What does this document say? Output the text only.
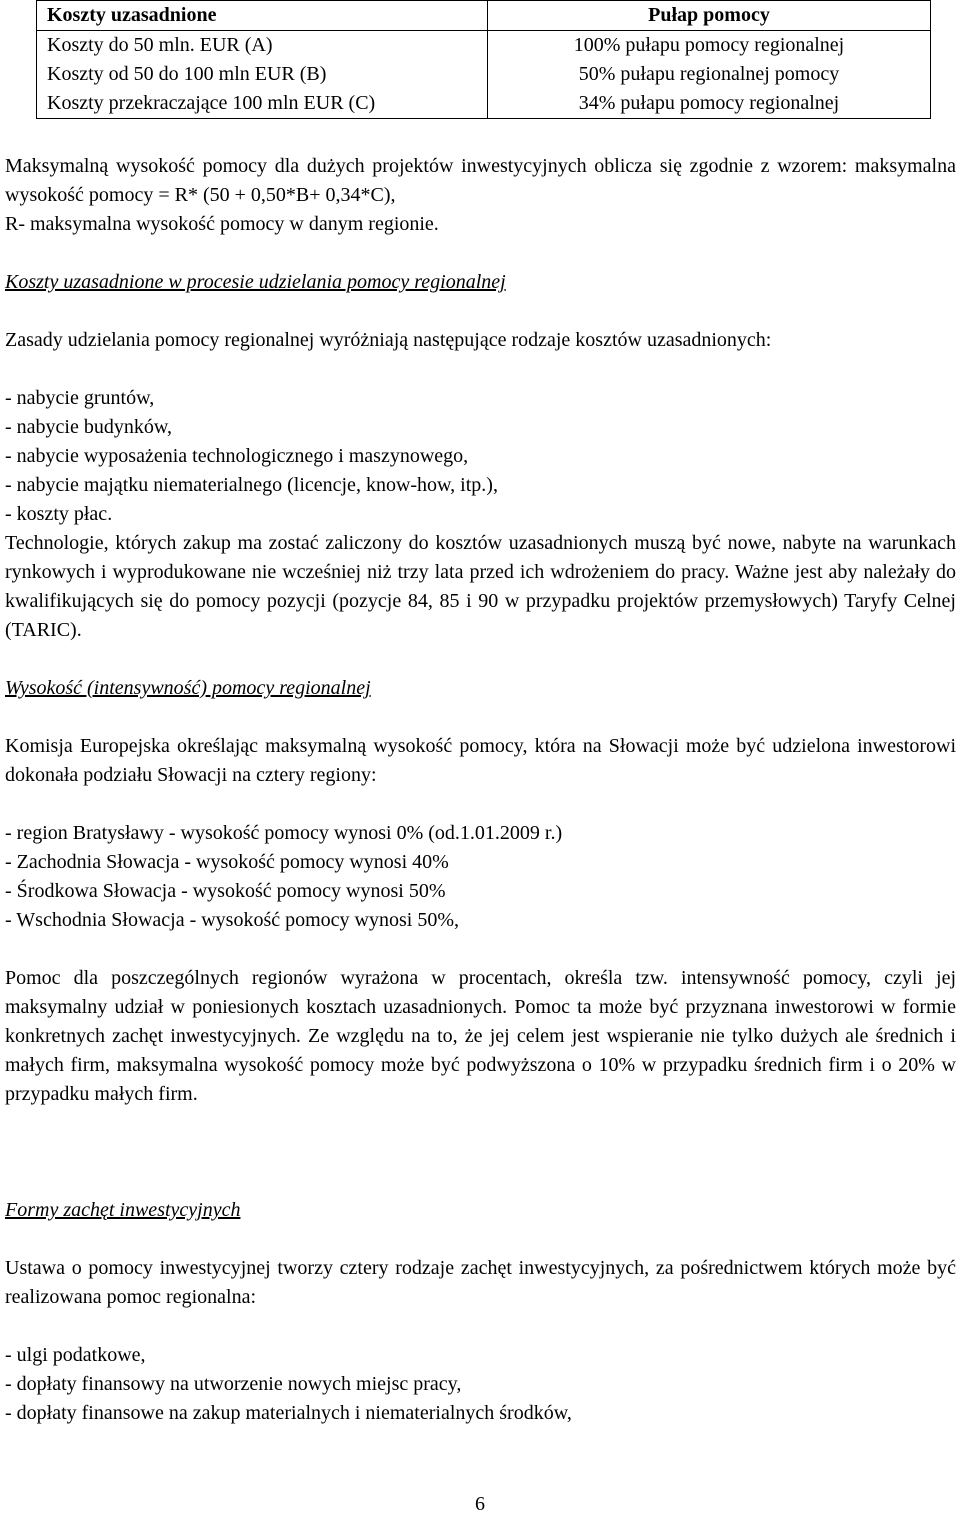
Koszty uzasadnione	Pułap pomocy
Koszty do 50 mln. EUR (A)	100% pułapu pomocy regionalnej
Koszty od 50 do 100 mln EUR (B)	50% pułapu regionalnej pomocy
Koszty przekraczające 100 mln EUR (C)	34% pułapu pomocy regionalnej

Maksymalną wysokość pomocy dla dużych projektów inwestycyjnych oblicza się zgodnie z wzorem: maksymalna wysokość pomocy = R* (50 + 0,50*B+ 0,34*C),

R- maksymalna wysokość pomocy w danym regionie.

Koszty uzasadnione w procesie udzielania pomocy regionalnej

Zasady udzielania pomocy regionalnej wyróżniają następujące rodzaje kosztów uzasadnionych:

- nabycie gruntów,
- nabycie budynków,
- nabycie wyposażenia technologicznego i maszynowego,
- nabycie majątku niematerialnego (licencje, know-how, itp.),
- koszty płac.

Technologie, których zakup ma zostać zaliczony do kosztów uzasadnionych muszą być nowe, nabyte na warunkach rynkowych i wyprodukowane nie wcześniej niż trzy lata przed ich wdrożeniem do pracy. Ważne jest aby należały do kwalifikujących się do pomocy pozycji (pozycje 84, 85 i 90 w przypadku projektów przemysłowych) Taryfy Celnej (TARIC).

Wysokość (intensywność) pomocy regionalnej

Komisja Europejska określając maksymalną wysokość pomocy, która na Słowacji może być udzielona inwestorowi dokonała podziału Słowacji na cztery regiony:

- region Bratysławy - wysokość pomocy wynosi 0% (od.1.01.2009 r.)
- Zachodnia Słowacja - wysokość pomocy wynosi 40%
- Środkowa Słowacja - wysokość pomocy wynosi 50%
- Wschodnia Słowacja - wysokość pomocy wynosi 50%,

Pomoc dla poszczególnych regionów wyrażona w procentach, określa tzw. intensywność pomocy, czyli jej maksymalny udział w poniesionych kosztach uzasadnionych. Pomoc ta może być przyznana inwestorowi w formie konkretnych zachęt inwestycyjnych. Ze względu na to, że jej celem jest wspieranie nie tylko dużych ale średnich i małych firm, maksymalna wysokość pomocy może być podwyższona o 10% w przypadku średnich firm i o 20% w przypadku małych firm.

Formy zachęt inwestycyjnych

Ustawa o pomocy inwestycyjnej tworzy cztery rodzaje zachęt inwestycyjnych, za pośrednictwem których może być realizowana pomoc regionalna:

- ulgi podatkowe,
- dopłaty finansowy na utworzenie nowych miejsc pracy,
- dopłaty finansowe na zakup materialnych i niematerialnych środków,
6
